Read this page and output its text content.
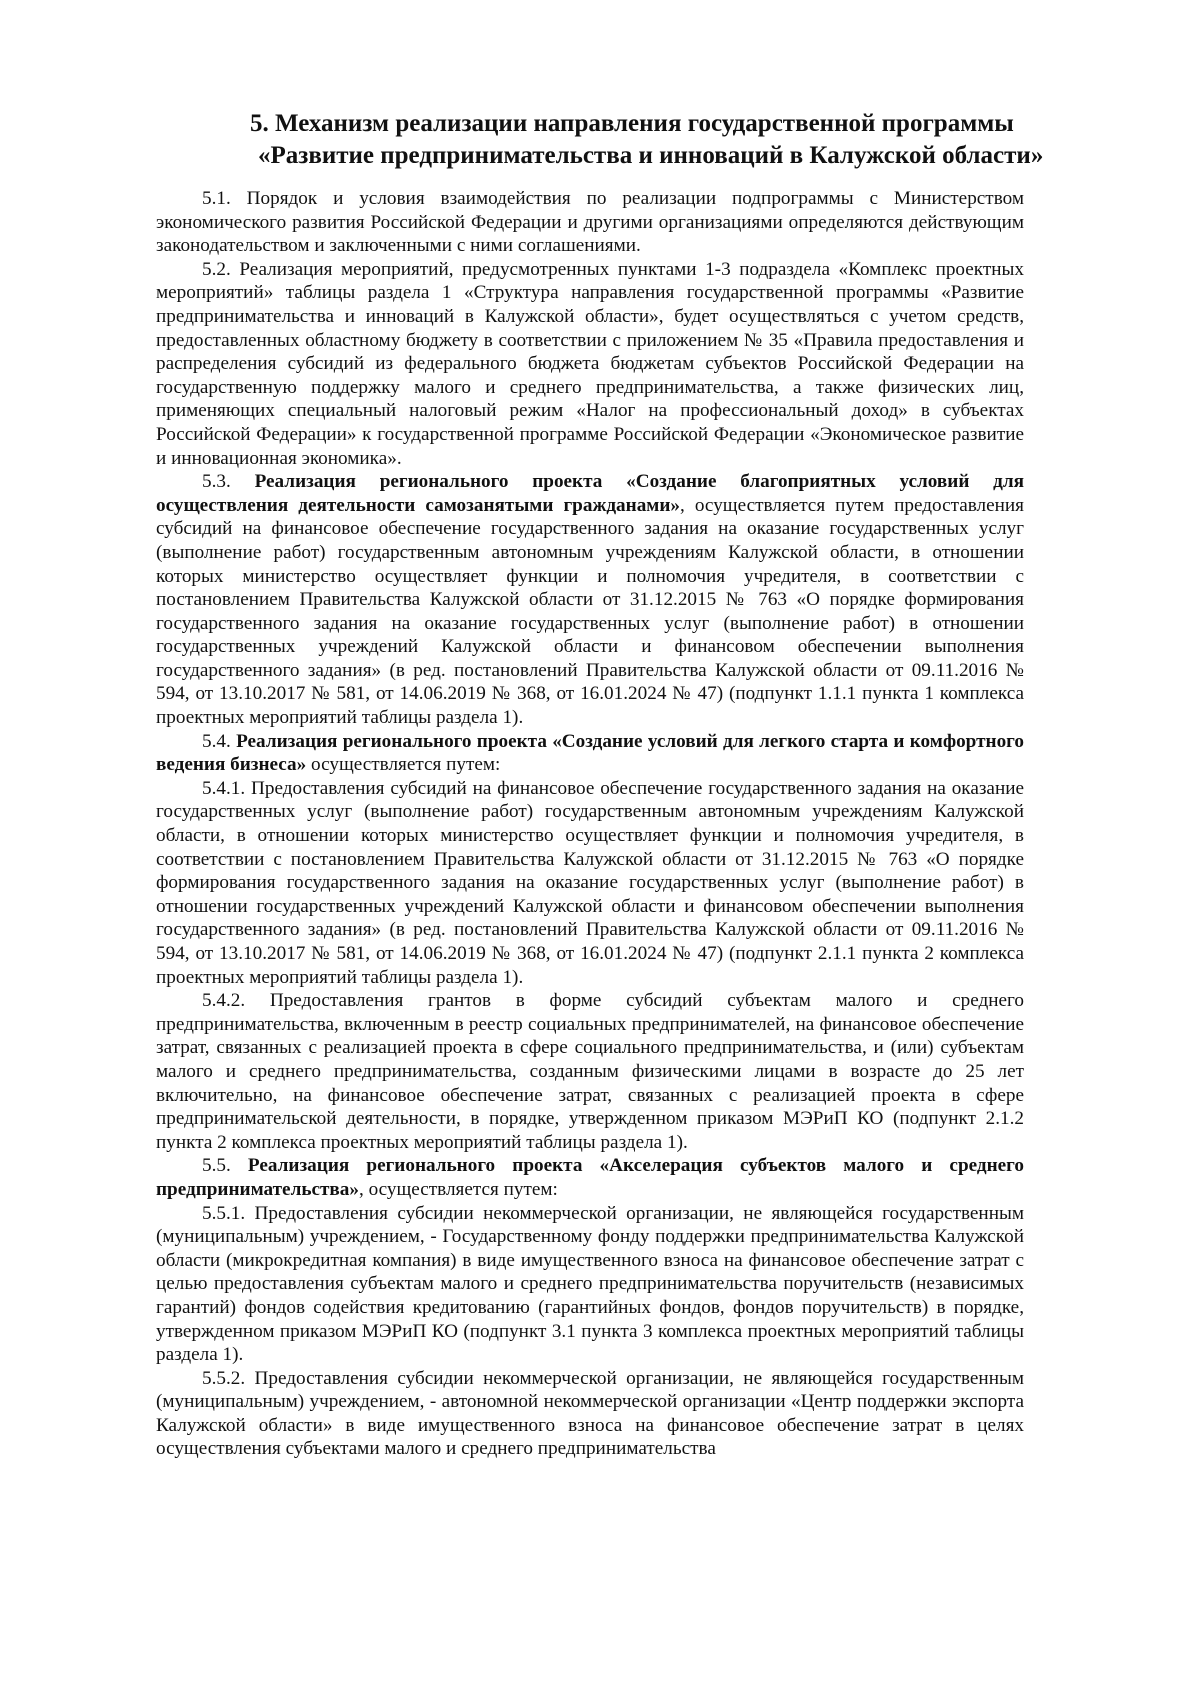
5. Механизм реализации направления государственной программы
«Развитие предпринимательства и инноваций в Калужской области»

5.1. Порядок и условия взаимодействия по реализации подпрограммы с Министерством экономического развития Российской Федерации и другими организациями определяются действующим законодательством и заключенными с ними соглашениями.

5.2. Реализация мероприятий, предусмотренных пунктами 1-3 подраздела «Комплекс проектных мероприятий» таблицы раздела 1 «Структура направления государственной программы «Развитие предпринимательства и инноваций в Калужской области», будет осуществляться с учетом средств, предоставленных областному бюджету в соответствии с приложением № 35 «Правила предоставления и распределения субсидий из федерального бюджета бюджетам субъектов Российской Федерации на государственную поддержку малого и среднего предпринимательства, а также физических лиц, применяющих специальный налоговый режим «Налог на профессиональный доход» в субъектах Российской Федерации» к государственной программе Российской Федерации «Экономическое развитие и инновационная экономика».

5.3. Реализация регионального проекта «Создание благоприятных условий для осуществления деятельности самозанятыми гражданами», осуществляется путем предоставления субсидий на финансовое обеспечение государственного задания на оказание государственных услуг (выполнение работ) государственным автономным учреждениям Калужской области, в отношении которых министерство осуществляет функции и полномочия учредителя, в соответствии с постановлением Правительства Калужской области от 31.12.2015 № 763 «О порядке формирования государственного задания на оказание государственных услуг (выполнение работ) в отношении государственных учреждений Калужской области и финансовом обеспечении выполнения государственного задания» (в ред. постановлений Правительства Калужской области от 09.11.2016 № 594, от 13.10.2017 № 581, от 14.06.2019 № 368, от 16.01.2024 № 47) (подпункт 1.1.1 пункта 1 комплекса проектных мероприятий таблицы раздела 1).

5.4. Реализация регионального проекта «Создание условий для легкого старта и комфортного ведения бизнеса» осуществляется путем:

5.4.1. Предоставления субсидий на финансовое обеспечение государственного задания на оказание государственных услуг (выполнение работ) государственным автономным учреждениям Калужской области, в отношении которых министерство осуществляет функции и полномочия учредителя, в соответствии с постановлением Правительства Калужской области от 31.12.2015 № 763 «О порядке формирования государственного задания на оказание государственных услуг (выполнение работ) в отношении государственных учреждений Калужской области и финансовом обеспечении выполнения государственного задания» (в ред. постановлений Правительства Калужской области от 09.11.2016 № 594, от 13.10.2017 № 581, от 14.06.2019 № 368, от 16.01.2024 № 47) (подпункт 2.1.1 пункта 2 комплекса проектных мероприятий таблицы раздела 1).

5.4.2. Предоставления грантов в форме субсидий субъектам малого и среднего предпринимательства, включенным в реестр социальных предпринимателей, на финансовое обеспечение затрат, связанных с реализацией проекта в сфере социального предпринимательства, и (или) субъектам малого и среднего предпринимательства, созданным физическими лицами в возрасте до 25 лет включительно, на финансовое обеспечение затрат, связанных с реализацией проекта в сфере предпринимательской деятельности, в порядке, утвержденном приказом МЭРиП КО (подпункт 2.1.2 пункта 2 комплекса проектных мероприятий таблицы раздела 1).

5.5. Реализация регионального проекта «Акселерация субъектов малого и среднего предпринимательства», осуществляется путем:

5.5.1. Предоставления субсидии некоммерческой организации, не являющейся государственным (муниципальным) учреждением, - Государственному фонду поддержки предпринимательства Калужской области (микрокредитная компания) в виде имущественного взноса на финансовое обеспечение затрат с целью предоставления субъектам малого и среднего предпринимательства поручительств (независимых гарантий) фондов содействия кредитованию (гарантийных фондов, фондов поручительств) в порядке, утвержденном приказом МЭРиП КО (подпункт 3.1 пункта 3 комплекса проектных мероприятий таблицы раздела 1).

5.5.2. Предоставления субсидии некоммерческой организации, не являющейся государственным (муниципальным) учреждением, - автономной некоммерческой организации «Центр поддержки экспорта Калужской области» в виде имущественного взноса на финансовое обеспечение затрат в целях осуществления субъектами малого и среднего предпринимательства
